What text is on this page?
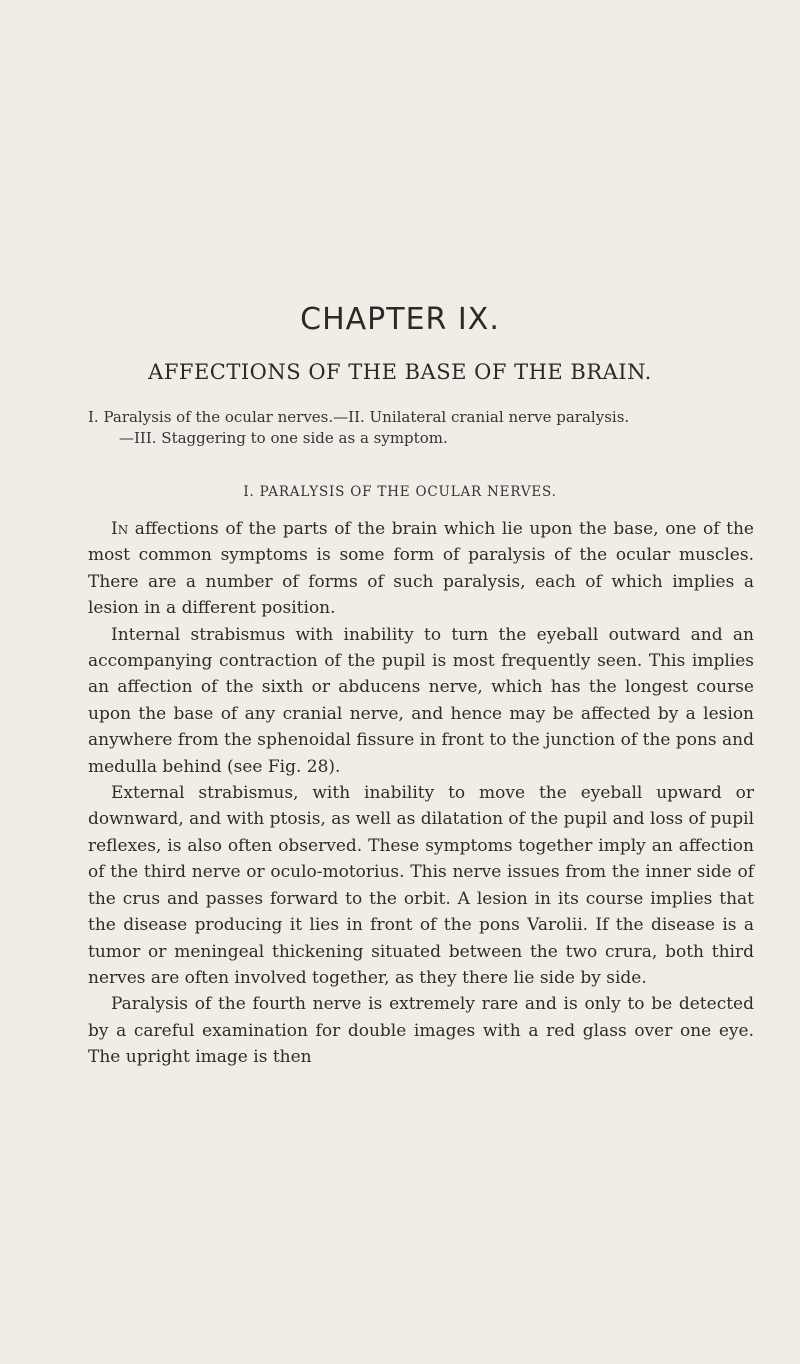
CHAPTER IX.
AFFECTIONS OF THE BASE OF THE BRAIN.
I. Paralysis of the ocular nerves.—II. Unilateral cranial nerve paralysis.
—III. Staggering to one side as a symptom.
I. PARALYSIS OF THE OCULAR NERVES.

In affections of the parts of the brain which lie upon the base, one of the most common symptoms is some form of paralysis of the ocular muscles. There are a number of forms of such paralysis, each of which implies a lesion in a different position.

Internal strabismus with inability to turn the eyeball outward and an accompanying contraction of the pupil is most frequently seen. This implies an affection of the sixth or abducens nerve, which has the longest course upon the base of any cranial nerve, and hence may be affected by a lesion anywhere from the sphenoidal fissure in front to the junction of the pons and medulla behind (see Fig. 28).

External strabismus, with inability to move the eyeball upward or downward, and with ptosis, as well as dilatation of the pupil and loss of pupil reflexes, is also often observed. These symptoms together imply an affection of the third nerve or oculo-motorius. This nerve issues from the inner side of the crus and passes forward to the orbit. A lesion in its course implies that the disease producing it lies in front of the pons Varolii. If the disease is a tumor or meningeal thickening situated between the two crura, both third nerves are often involved together, as they there lie side by side.

Paralysis of the fourth nerve is extremely rare and is only to be detected by a careful examination for double images with a red glass over one eye. The upright image is then
